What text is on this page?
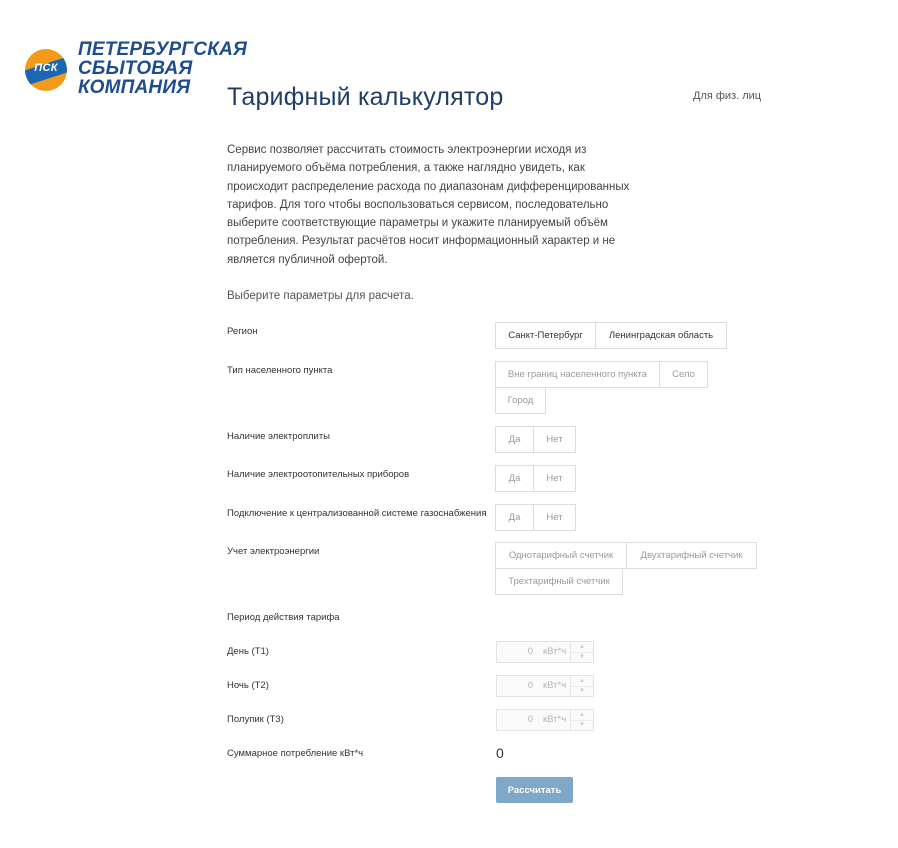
ПСК
ПЕТЕРБУРГСКАЯ
СБЫТОВАЯ
КОМПАНИЯ	Тарифный калькулятор	Для физ. лиц
Сервис позволяет рассчитать стоимость электроэнергии исходя из планируемого объёма потребления, а также наглядно увидеть, как происходит распределение расхода по диапазонам дифференцированных тарифов. Для того чтобы воспользоваться сервисом, последовательно выберите соответствующие параметры и укажите планируемый объём потребления. Результат расчётов носит информационный характер и не является публичной офертой.
Выберите параметры для расчета.
Регион	Санкт-Петербург	Ленинградская область
Тип населенного пункта	Вне границ населенного пункта	Село
Город
Наличие электроплиты	Да	Нет
Наличие электроотопительных приборов	Да	Нет
Подключение к централизованной системе газоснабжения	Да	Нет
Учет электроэнергии	Однотарифный счетчик	Двухтарифный счетчик
Трехтарифный счетчик
Период действия тарифа
День (Т1)	0 кВт*ч	▴
▾
Ночь (Т2)	0 кВт*ч	▴
▾
Полупик (Т3)	0 кВт*ч	▴
▾
Суммарное потребление кВт*ч	0
Рассчитать
